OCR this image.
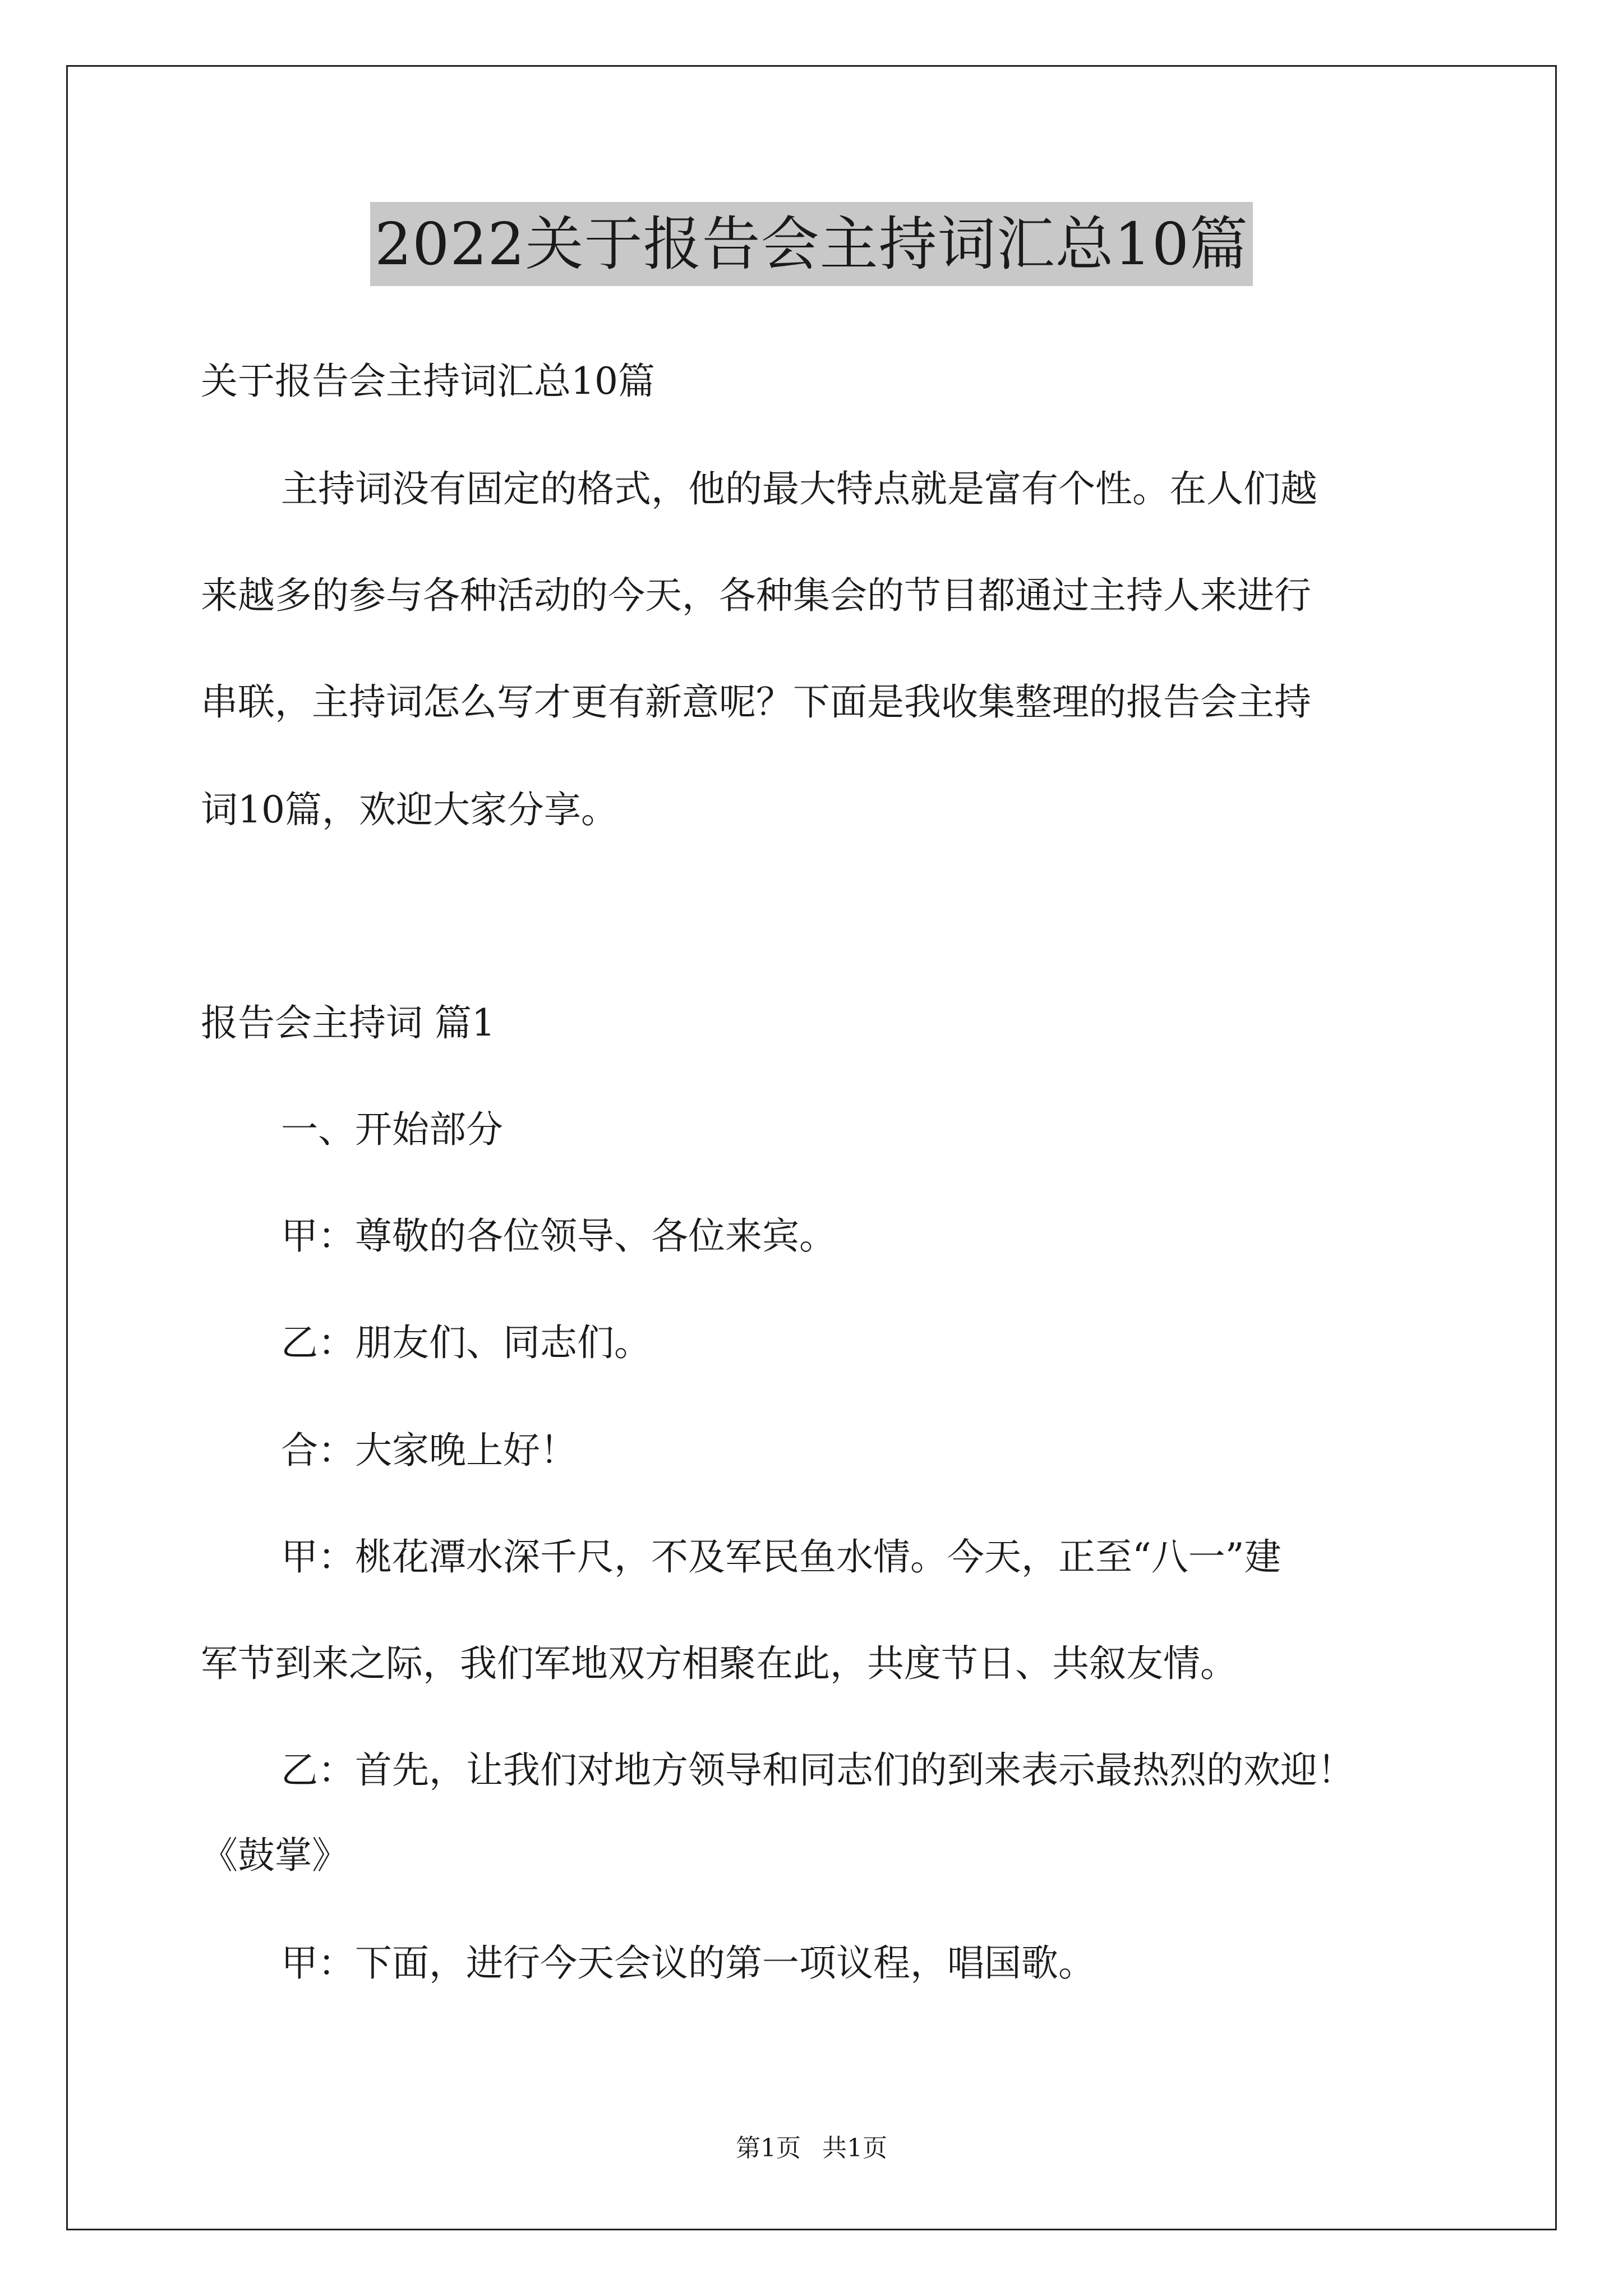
2022关于报告会主持词汇总10篇
关于报告会主持词汇总10篇
主持词没有固定的格式，他的最大特点就是富有个性。在人们越
来越多的参与各种活动的今天，各种集会的节目都通过主持人来进行
串联，主持词怎么写才更有新意呢？下面是我收集整理的报告会主持
词10篇，欢迎大家分享。
报告会主持词 篇1
一、开始部分
甲：尊敬的各位领导、各位来宾。
乙：朋友们、同志们。
合：大家晚上好！
甲：桃花潭水深千尺，不及军民鱼水情。今天，正至“八一”建
军节到来之际，我们军地双方相聚在此，共度节日、共叙友情。
乙：首先，让我们对地方领导和同志们的到来表示最热烈的欢迎！
《鼓掌》
甲：下面，进行今天会议的第一项议程，唱国歌。
第1页 共1页
